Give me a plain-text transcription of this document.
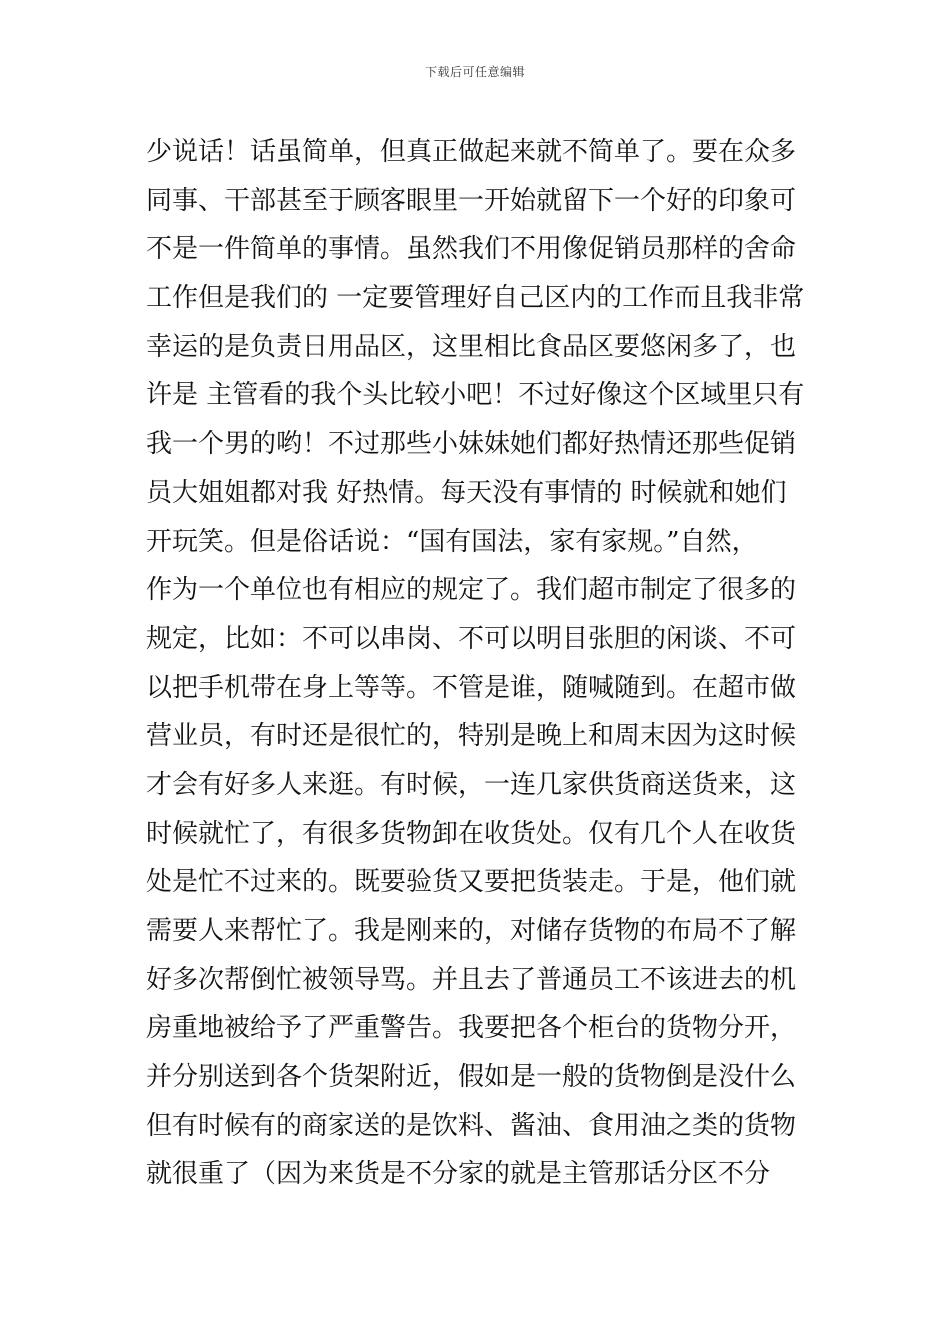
下载后可任意编辑
少说话！话虽简单，但真正做起来就不简单了。要在众多
同事、干部甚至于顾客眼里一开始就留下一个好的印象可
不是一件简单的事情。虽然我们不用像促销员那样的舍命
工作但是我们的 一定要管理好自己区内的工作而且我非常
幸运的是负责日用品区，这里相比食品区要悠闲多了，也
许是 主管看的我个头比较小吧！不过好像这个区域里只有
我一个男的哟！不过那些小妹妹她们都好热情还那些促销
员大姐姐都对我 好热情。每天没有事情的 时候就和她们
开玩笑。但是俗话说：“国有国法，家有家规。”自然，
作为一个单位也有相应的规定了。我们超市制定了很多的
规定，比如：不可以串岗、不可以明目张胆的闲谈、不可
以把手机带在身上等等。不管是谁，随喊随到。在超市做
营业员，有时还是很忙的，特别是晚上和周末因为这时候
才会有好多人来逛。有时候，一连几家供货商送货来，这
时候就忙了，有很多货物卸在收货处。仅有几个人在收货
处是忙不过来的。既要验货又要把货装走。于是，他们就
需要人来帮忙了。我是刚来的，对储存货物的布局不了解
好多次帮倒忙被领导骂。并且去了普通员工不该进去的机
房重地被给予了严重警告。我要把各个柜台的货物分开，
并分别送到各个货架附近，假如是一般的货物倒是没什么
但有时候有的商家送的是饮料、酱油、食用油之类的货物
就很重了（因为来货是不分家的就是主管那话分区不分
